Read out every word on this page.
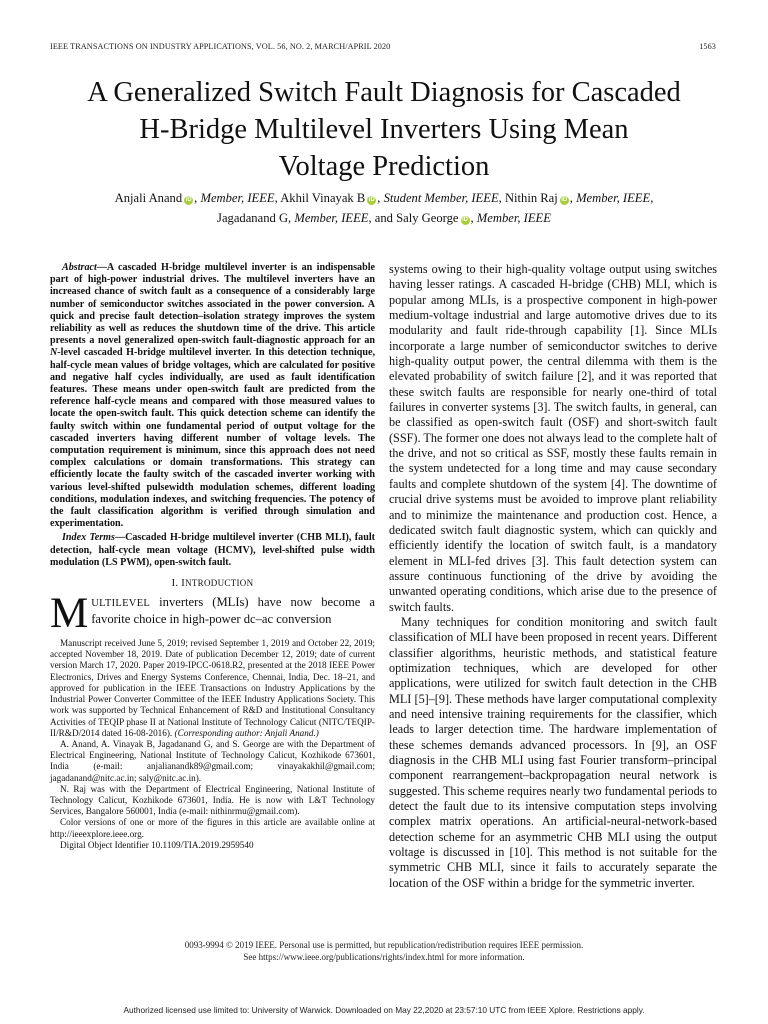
IEEE TRANSACTIONS ON INDUSTRY APPLICATIONS, VOL. 56, NO. 2, MARCH/APRIL 2020	1563
A Generalized Switch Fault Diagnosis for Cascaded
H-Bridge Multilevel Inverters Using Mean
Voltage Prediction
Anjali Anand iD , Member, IEEE, Akhil Vinayak B iD , Student Member, IEEE, Nithin Raj iD , Member, IEEE,
Jagadanand G, Member, IEEE, and Saly George iD , Member, IEEE

Abstract—A cascaded H-bridge multilevel inverter is an indispensable part of high-power industrial drives. The multilevel inverters have an increased chance of switch fault as a consequence of a considerably large number of semiconductor switches associated in the power conversion. A quick and precise fault detection–isolation strategy improves the system reliability as well as reduces the shutdown time of the drive. This article presents a novel generalized open-switch fault-diagnostic approach for an N-level cascaded H-bridge multilevel inverter. In this detection technique, half-cycle mean values of bridge voltages, which are calculated for positive and negative half cycles individually, are used as fault identification features. These means under open-switch fault are predicted from the reference half-cycle means and compared with those measured values to locate the open-switch fault. This quick detection scheme can identify the faulty switch within one fundamental period of output voltage for the cascaded inverters having different number of voltage levels. The computation requirement is minimum, since this approach does not need complex calculations or domain transformations. This strategy can efficiently locate the faulty switch of the cascaded inverter working with various level-shifted pulsewidth modulation schemes, different loading conditions, modulation indexes, and switching frequencies. The potency of the fault classification algorithm is verified through simulation and experimentation.

Index Terms—Cascaded H-bridge multilevel inverter (CHB MLI), fault detection, half-cycle mean voltage (HCMV), level-shifted pulse width modulation (LS PWM), open-switch fault.

I. INTRODUCTION

MULTILEVEL inverters (MLIs) have now become a favorite choice in high-power dc–ac conversion

Manuscript received June 5, 2019; revised September 1, 2019 and October 22, 2019; accepted November 18, 2019. Date of publication December 12, 2019; date of current version March 17, 2020. Paper 2019-IPCC-0618.R2, presented at the 2018 IEEE Power Electronics, Drives and Energy Systems Conference, Chennai, India, Dec. 18–21, and approved for publication in the IEEE Transactions on Industry Applications by the Industrial Power Converter Committee of the IEEE Industry Applications Society. This work was supported by Technical Enhancement of R&D and Institutional Consultancy Activities of TEQIP phase II at National Institute of Technology Calicut (NITC/TEQIP-II/R&D/2014 dated 16-08-2016). (Corresponding author: Anjali Anand.)

A. Anand, A. Vinayak B, Jagadanand G, and S. George are with the Department of Electrical Engineering, National Institute of Technology Calicut, Kozhikode 673601, India (e-mail: anjalianandk89@gmail.com; vinayakakhil@gmail.com; jagadanand@nitc.ac.in; saly@nitc.ac.in).

N. Raj was with the Department of Electrical Engineering, National Institute of Technology Calicut, Kozhikode 673601, India. He is now with L&T Technology Services, Bangalore 560001, India (e-mail: nithinrmu@gmail.com).

Color versions of one or more of the figures in this article are available online at http://ieeexplore.ieee.org.

Digital Object Identifier 10.1109/TIA.2019.2959540

systems owing to their high-quality voltage output using switches having lesser ratings. A cascaded H-bridge (CHB) MLI, which is popular among MLIs, is a prospective component in high-power medium-voltage industrial and large automotive drives due to its modularity and fault ride-through capability [1]. Since MLIs incorporate a large number of semiconductor switches to derive high-quality output power, the central dilemma with them is the elevated probability of switch failure [2], and it was reported that these switch faults are responsible for nearly one-third of total failures in converter systems [3]. The switch faults, in general, can be classified as open-switch fault (OSF) and short-switch fault (SSF). The former one does not always lead to the complete halt of the drive, and not so critical as SSF, mostly these faults remain in the system undetected for a long time and may cause secondary faults and complete shutdown of the system [4]. The downtime of crucial drive systems must be avoided to improve plant reliability and to minimize the maintenance and production cost. Hence, a dedicated switch fault diagnostic system, which can quickly and efficiently identify the location of switch fault, is a mandatory element in MLI-fed drives [3]. This fault detection system can assure continuous functioning of the drive by avoiding the unwanted operating conditions, which arise due to the presence of switch faults.

Many techniques for condition monitoring and switch fault classification of MLI have been proposed in recent years. Different classifier algorithms, heuristic methods, and statistical feature optimization techniques, which are developed for other applications, were utilized for switch fault detection in the CHB MLI [5]–[9]. These methods have larger computational complexity and need intensive training requirements for the classifier, which leads to larger detection time. The hardware implementation of these schemes demands advanced processors. In [9], an OSF diagnosis in the CHB MLI using fast Fourier transform–principal component rearrangement–backpropagation neural network is suggested. This scheme requires nearly two fundamental periods to detect the fault due to its intensive computation steps involving complex matrix operations. An artificial-neural-network-based detection scheme for an asymmetric CHB MLI using the output voltage is discussed in [10]. This method is not suitable for the symmetric CHB MLI, since it fails to accurately separate the location of the OSF within a bridge for the symmetric inverter.

0093-9994 © 2019 IEEE. Personal use is permitted, but republication/redistribution requires IEEE permission.
See https://www.ieee.org/publications/rights/index.html for more information.
Authorized licensed use limited to: University of Warwick. Downloaded on May 22,2020 at 23:57:10 UTC from IEEE Xplore. Restrictions apply.
